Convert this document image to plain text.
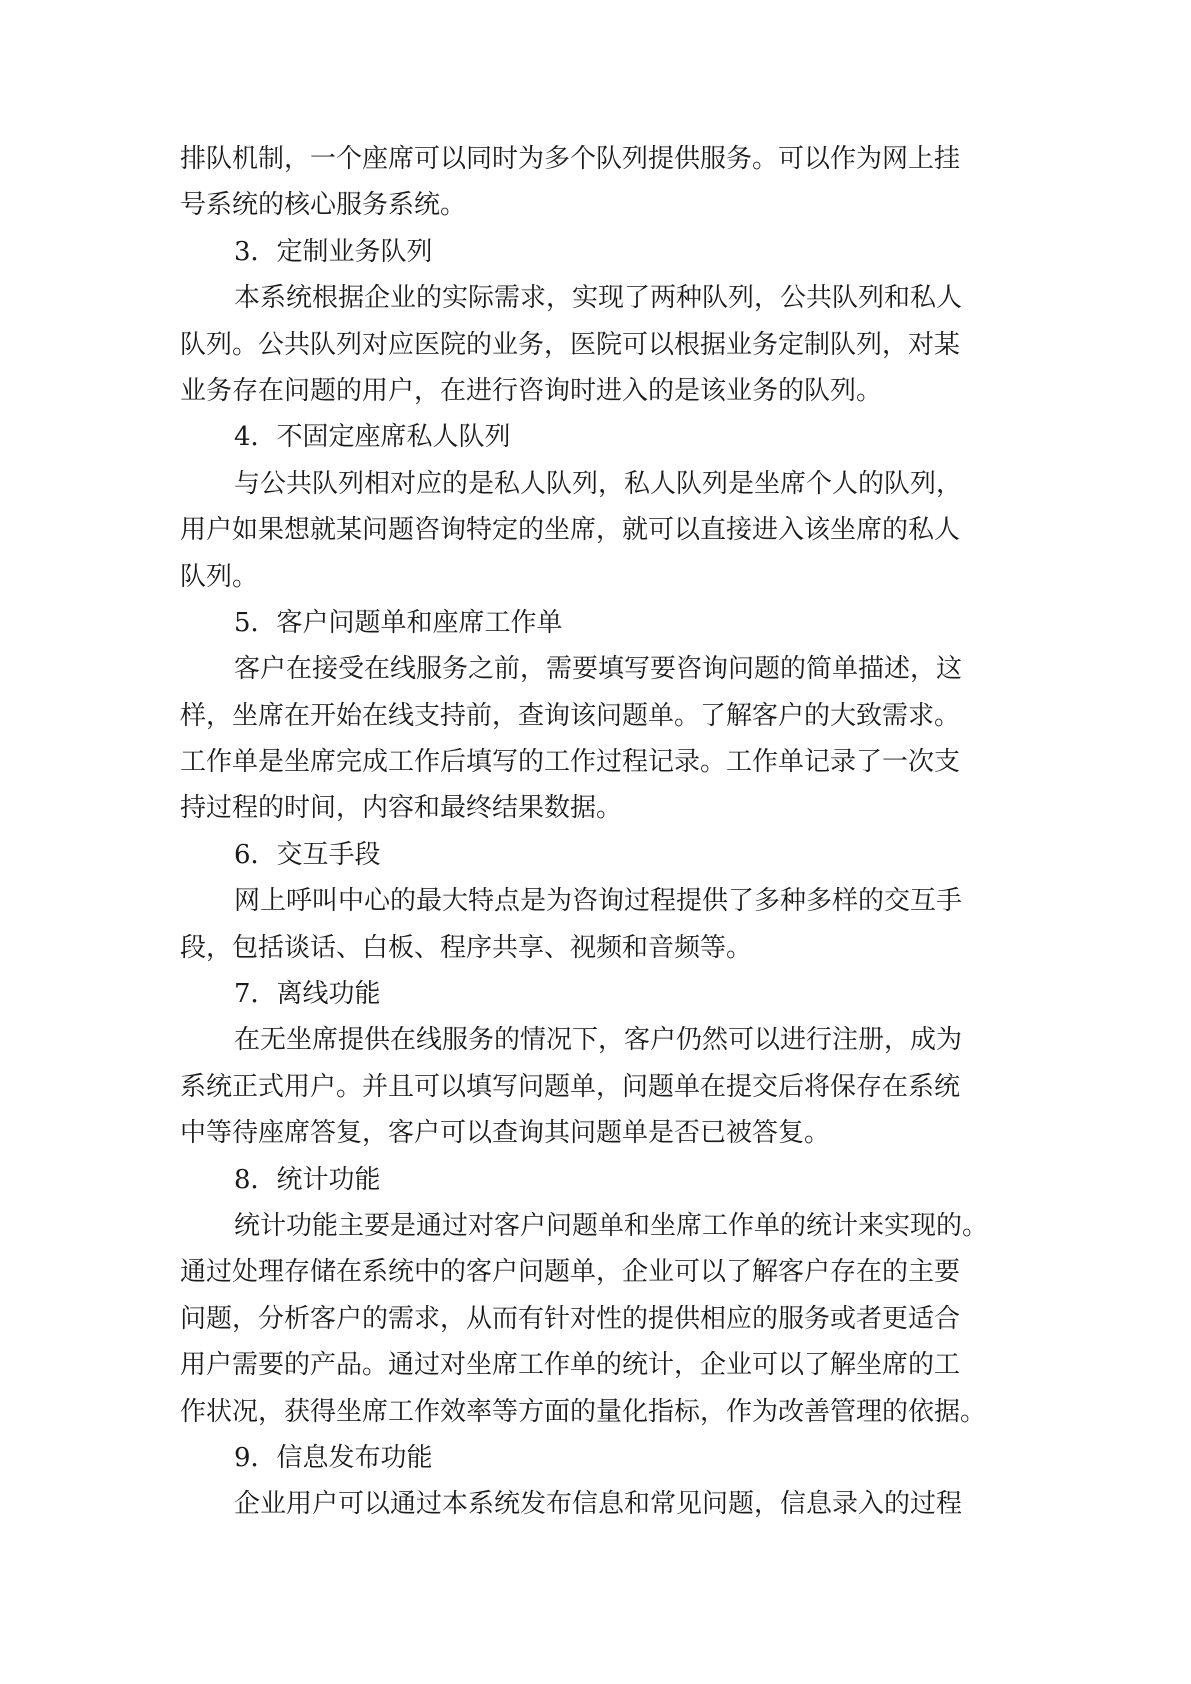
排队机制，一个座席可以同时为多个队列提供服务。可以作为网上挂
号系统的核心服务系统。
3．定制业务队列
本系统根据企业的实际需求，实现了两种队列，公共队列和私人
队列。公共队列对应医院的业务，医院可以根据业务定制队列，对某
业务存在问题的用户，在进行咨询时进入的是该业务的队列。
4．不固定座席私人队列
与公共队列相对应的是私人队列，私人队列是坐席个人的队列，
用户如果想就某问题咨询特定的坐席，就可以直接进入该坐席的私人
队列。
5．客户问题单和座席工作单
客户在接受在线服务之前，需要填写要咨询问题的简单描述，这
样，坐席在开始在线支持前，查询该问题单。了解客户的大致需求。
工作单是坐席完成工作后填写的工作过程记录。工作单记录了一次支
持过程的时间，内容和最终结果数据。
6．交互手段
网上呼叫中心的最大特点是为咨询过程提供了多种多样的交互手
段，包括谈话、白板、程序共享、视频和音频等。
7．离线功能
在无坐席提供在线服务的情况下，客户仍然可以进行注册，成为
系统正式用户。并且可以填写问题单，问题单在提交后将保存在系统
中等待座席答复，客户可以查询其问题单是否已被答复。
8．统计功能
统计功能主要是通过对客户问题单和坐席工作单的统计来实现的。
通过处理存储在系统中的客户问题单，企业可以了解客户存在的主要
问题，分析客户的需求，从而有针对性的提供相应的服务或者更适合
用户需要的产品。通过对坐席工作单的统计，企业可以了解坐席的工
作状况，获得坐席工作效率等方面的量化指标，作为改善管理的依据。
9．信息发布功能
企业用户可以通过本系统发布信息和常见问题，信息录入的过程
